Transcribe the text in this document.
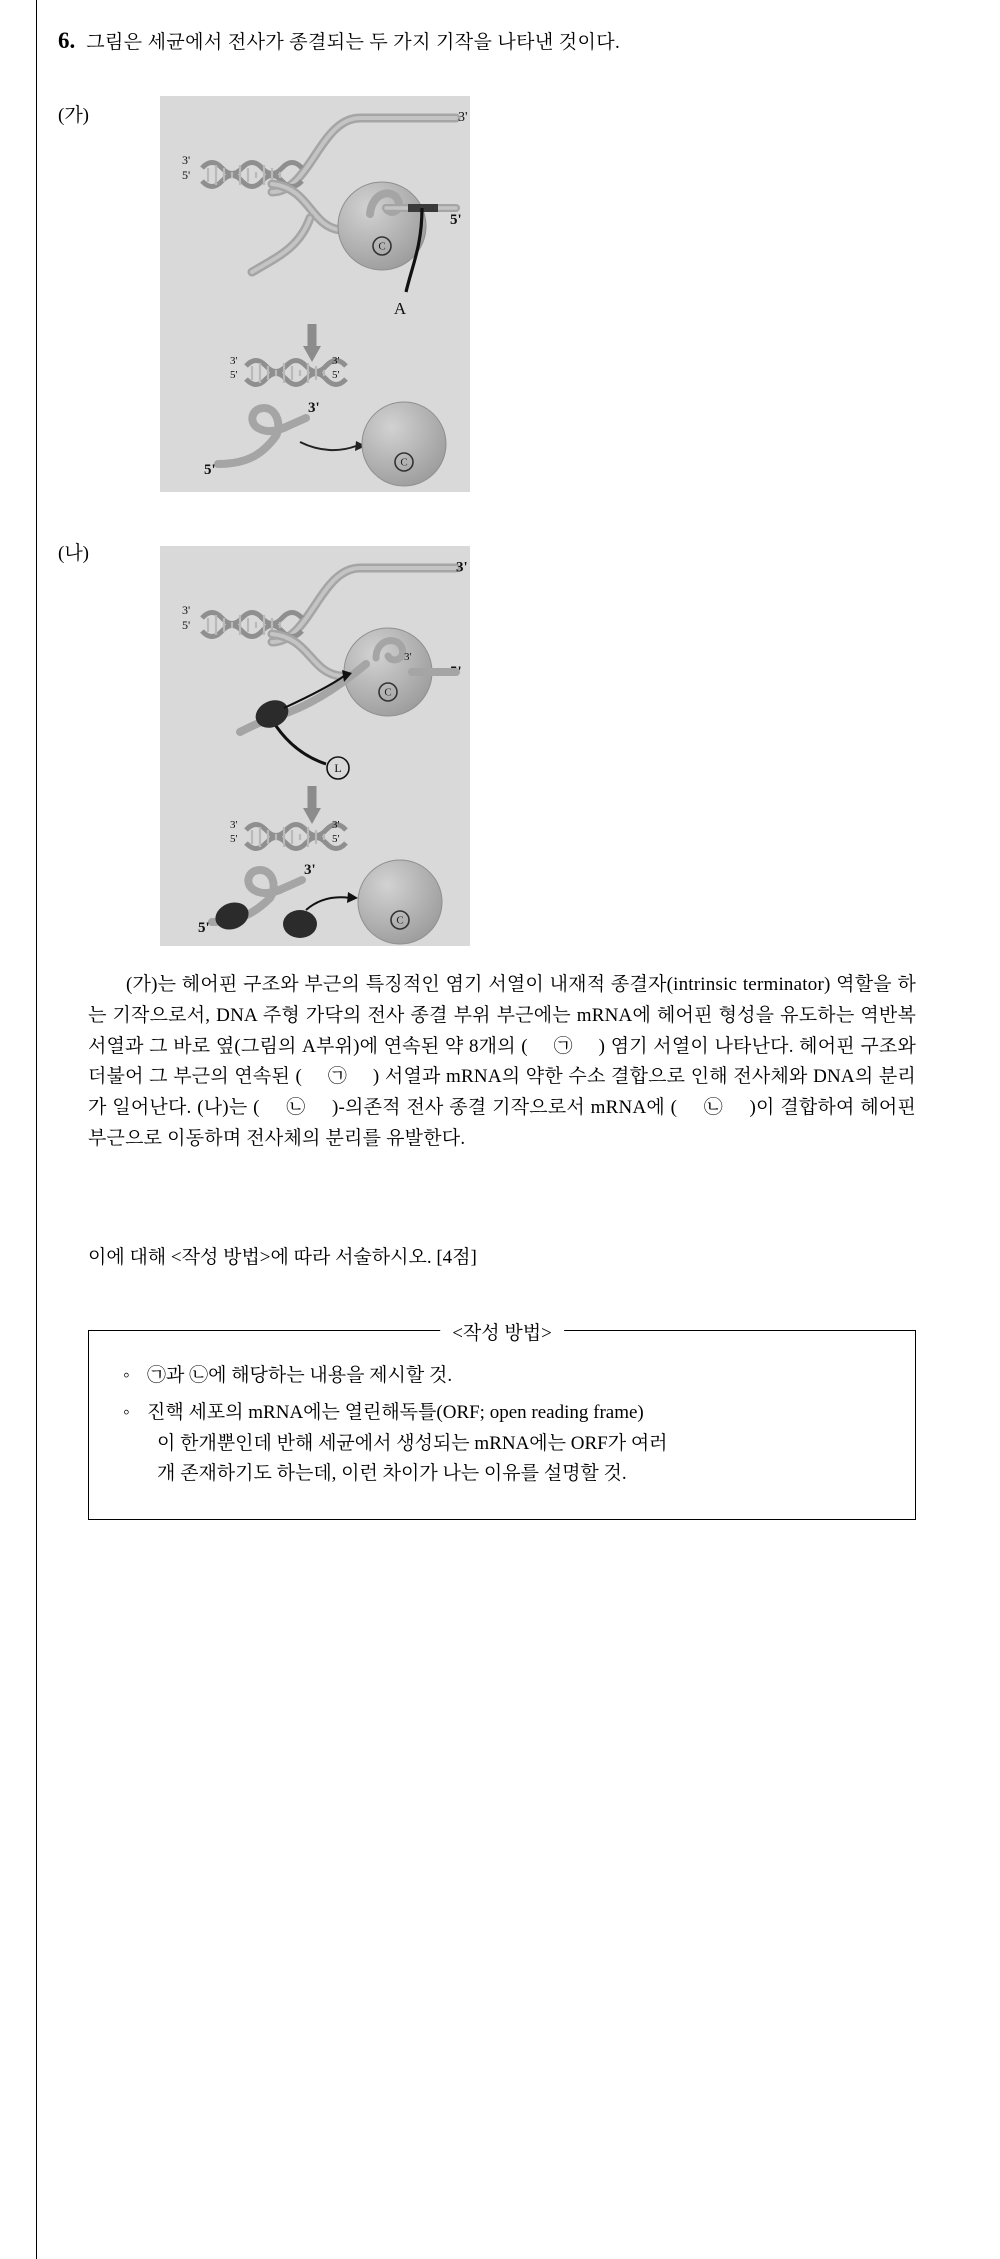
6. 그림은 세균에서 전사가 종결되는 두 가지 기작을 나타낸 것이다.
(가)	3'
3'
5'
C
5'
A
3'
5'
3'
5'
3'
5'	C
(나)
3'
3'
5'
C
5'
3'
L
3'
5'
3'
5'
3'
5'	C

(가)는 헤어핀 구조와 부근의 특징적인 염기 서열이 내재적 종결자(intrinsic terminator) 역할을 하는 기작으로서, DNA 주형 가닥의 전사 종결 부위 부근에는 mRNA에 헤어핀 형성을 유도하는 역반복 서열과 그 바로 옆(그림의 A부위)에 연속된 약 8개의 (　 ㉠ 　) 염기 서열이 나타난다. 헤어핀 구조와 더불어 그 부근의 연속된 (　 ㉠ 　) 서열과 mRNA의 약한 수소 결합으로 인해 전사체와 DNA의 분리가 일어난다. (나)는 (　 ㉡ 　)-의존적 전사 종결 기작으로서 mRNA에 (　 ㉡ 　)이 결합하여 헤어핀 부근으로 이동하며 전사체의 분리를 유발한다.

이에 대해 <작성 방법>에 따라 서술하시오. [4점]
<작성 방법>
◦ ㉠과 ㉡에 해당하는 내용을 제시할 것.
◦ 진핵 세포의 mRNA에는 열린해독틀(ORF; open reading frame)
이 한개뿐인데 반해 세균에서 생성되는 mRNA에는 ORF가 여러
개 존재하기도 하는데, 이런 차이가 나는 이유를 설명할 것.
